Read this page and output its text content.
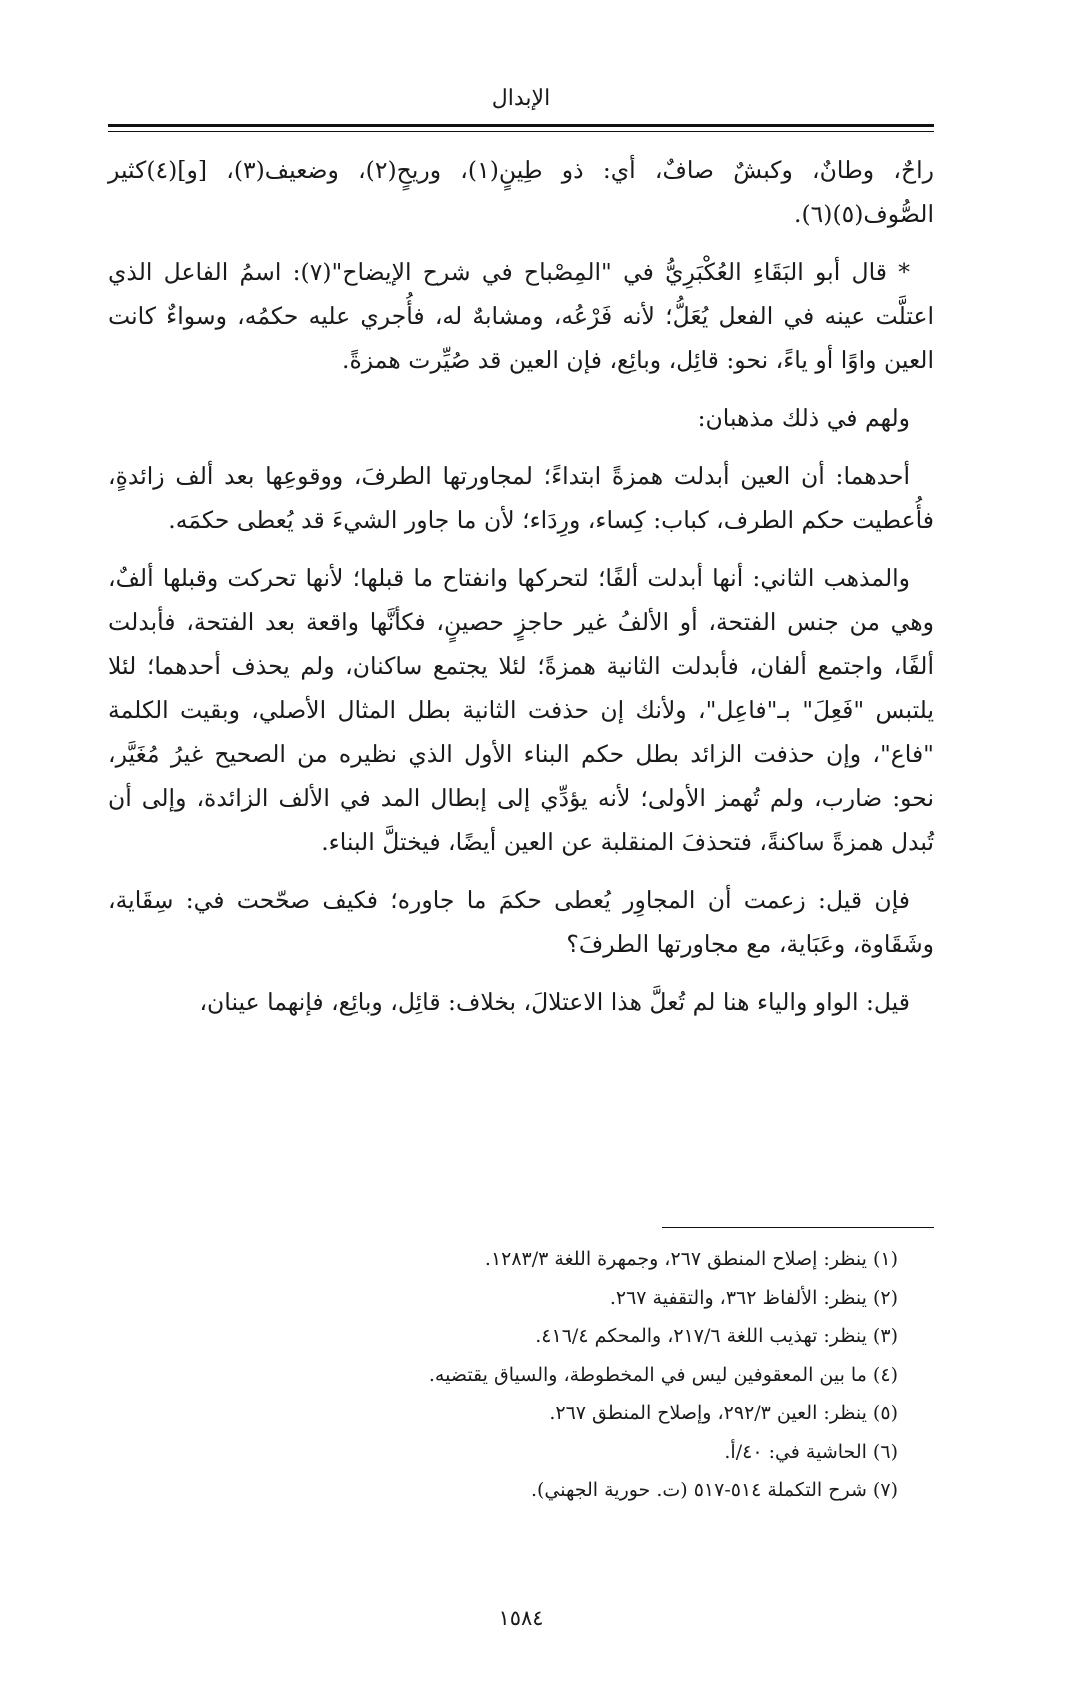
الإبدال

راحٌ، وطانٌ، وكبشٌ صافٌ، أي: ذو طِينٍ(١)، وريحٍ(٢)، وضعيف(٣)، [و](٤)كثير الصُّوف(٥)(٦).

* قال أبو البَقَاءِ العُكْبَرِيُّ في "المِصْباح في شرح الإيضاح"(٧): اسمُ الفاعل الذي اعتلَّت عينه في الفعل يُعَلُّ؛ لأنه فَرْعُه، ومشابهٌ له، فأُجري عليه حكمُه، وسواءٌ كانت العين واوًا أو ياءً، نحو: قائِل، وبائِع، فإن العين قد صُيِّرت همزةً.

ولهم في ذلك مذهبان:

أحدهما: أن العين أبدلت همزةً ابتداءً؛ لمجاورتها الطرفَ، ووقوعِها بعد ألف زائدةٍ، فأُعطيت حكم الطرف، كباب: كِساء، ورِدَاء؛ لأن ما جاور الشيءَ قد يُعطى حكمَه.

والمذهب الثاني: أنها أبدلت ألفًا؛ لتحركها وانفتاح ما قبلها؛ لأنها تحركت وقبلها ألفٌ، وهي من جنس الفتحة، أو الألفُ غير حاجزٍ حصينٍ، فكأنَّها واقعة بعد الفتحة، فأبدلت ألفًا، واجتمع ألفان، فأبدلت الثانية همزةً؛ لئلا يجتمع ساكنان، ولم يحذف أحدهما؛ لئلا يلتبس "فَعِلَ" بـ"فاعِل"، ولأنك إن حذفت الثانية بطل المثال الأصلي، وبقيت الكلمة "فاع"، وإن حذفت الزائد بطل حكم البناء الأول الذي نظيره من الصحيح غيرُ مُغَيَّر، نحو: ضارب، ولم تُهمز الأولى؛ لأنه يؤدِّي إلى إبطال المد في الألف الزائدة، وإلى أن تُبدل همزةً ساكنةً، فتحذفَ المنقلبة عن العين أيضًا، فيختلَّ البناء.

فإن قيل: زعمت أن المجاوِر يُعطى حكمَ ما جاوره؛ فكيف صحّحت في: سِقَاية، وشَقَاوة، وعَبَاية، مع مجاورتها الطرفَ؟

قيل: الواو والياء هنا لم تُعلَّ هذا الاعتلالَ، بخلاف: قائِل، وبائِع، فإنهما عينان،

(١) ينظر: إصلاح المنطق ٢٦٧، وجمهرة اللغة ١٢٨٣/٣.

(٢) ينظر: الألفاظ ٣٦٢، والتقفية ٢٦٧.

(٣) ينظر: تهذيب اللغة ٢١٧/٦، والمحكم ٤١٦/٤.

(٤) ما بين المعقوفين ليس في المخطوطة، والسياق يقتضيه.

(٥) ينظر: العين ٢٩٢/٣، وإصلاح المنطق ٢٦٧.

(٦) الحاشية في: ٤٠/أ.

(٧) شرح التكملة ٥١٤-٥١٧ (ت. حورية الجهني).

١٥٨٤
